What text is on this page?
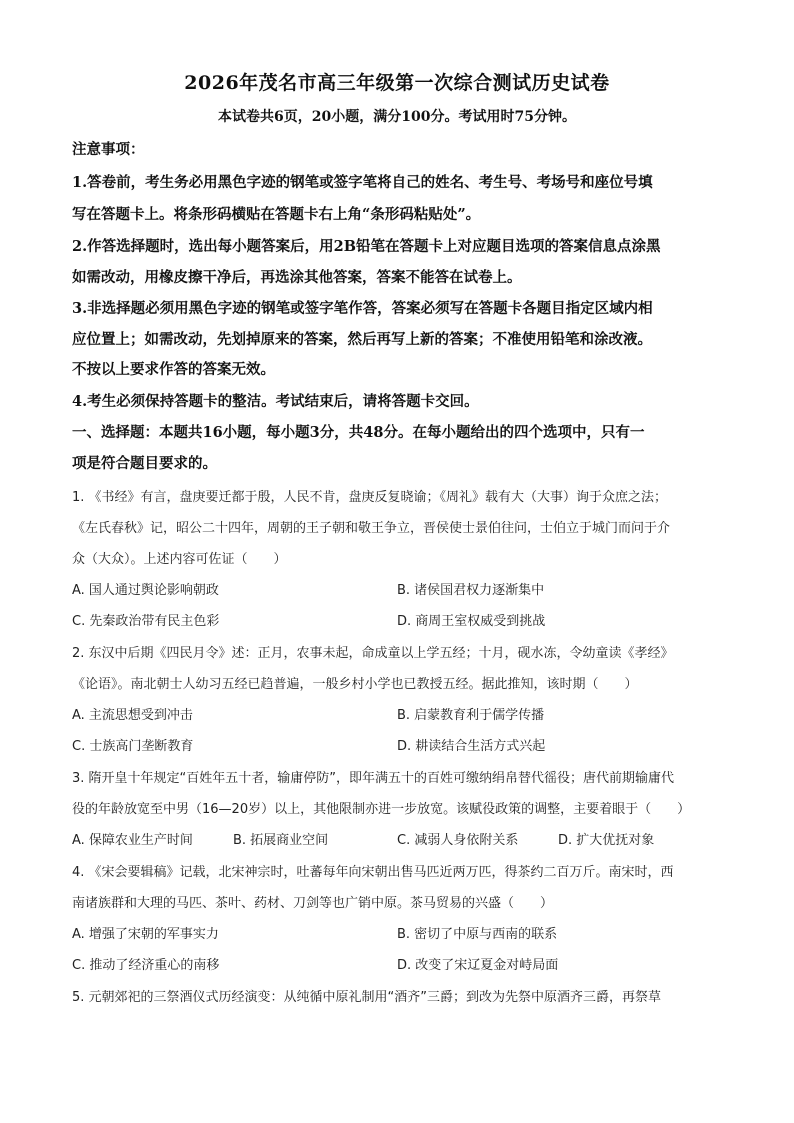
2026年茂名市高三年级第一次综合测试历史试卷
本试卷共6页，20小题，满分100分。考试用时75分钟。
注意事项：
1.答卷前，考生务必用黑色字迹的钢笔或签字笔将自己的姓名、考生号、考场号和座位号填
写在答题卡上。将条形码横贴在答题卡右上角“条形码粘贴处”。
2.作答选择题时，选出每小题答案后，用2B铅笔在答题卡上对应题目选项的答案信息点涂黑
如需改动，用橡皮擦干净后，再选涂其他答案，答案不能答在试卷上。
3.非选择题必须用黑色字迹的钢笔或签字笔作答，答案必须写在答题卡各题目指定区域内相
应位置上；如需改动，先划掉原来的答案，然后再写上新的答案；不准使用铅笔和涂改液。
不按以上要求作答的答案无效。
4.考生必须保持答题卡的整洁。考试结束后，请将答题卡交回。
一、选择题：本题共16小题，每小题3分，共48分。在每小题给出的四个选项中，只有一
项是符合题目要求的。
1. 《书经》有言，盘庚要迁都于殷，人民不肯，盘庚反复晓谕；《周礼》载有大（大事）询于众庶之法；
《左氏春秋》记，昭公二十四年，周朝的王子朝和敬王争立，晋侯使士景伯往问，士伯立于城门而问于介
众（大众）。上述内容可佐证（　　）
A. 国人通过舆论影响朝政	B. 诸侯国君权力逐渐集中
C. 先秦政治带有民主色彩	D. 商周王室权威受到挑战
2. 东汉中后期《四民月令》述：正月，农事未起，命成童以上学五经；十月，砚水冻，令幼童读《孝经》
《论语》。南北朝士人幼习五经已趋普遍，一般乡村小学也已教授五经。据此推知，该时期（　　）
A. 主流思想受到冲击	B. 启蒙教育利于儒学传播
C. 士族高门垄断教育	D. 耕读结合生活方式兴起
3. 隋开皇十年规定“百姓年五十者，输庸停防”，即年满五十的百姓可缴纳绢帛替代徭役；唐代前期输庸代
役的年龄放宽至中男（16—20岁）以上，其他限制亦进一步放宽。该赋役政策的调整，主要着眼于（　　）
A. 保障农业生产时间	B. 拓展商业空间	C. 减弱人身依附关系	D. 扩大优抚对象
4. 《宋会要辑稿》记载，北宋神宗时，吐蕃每年向宋朝出售马匹近两万匹，得茶约二百万斤。南宋时，西
南诸族群和大理的马匹、茶叶、药材、刀剑等也广销中原。茶马贸易的兴盛（　　）
A. 增强了宋朝的军事实力	B. 密切了中原与西南的联系
C. 推动了经济重心的南移	D. 改变了宋辽夏金对峙局面
5. 元朝郊祀的三祭酒仪式历经演变：从纯循中原礼制用“酒齐”三爵；到改为先祭中原酒齐三爵，再祭草
